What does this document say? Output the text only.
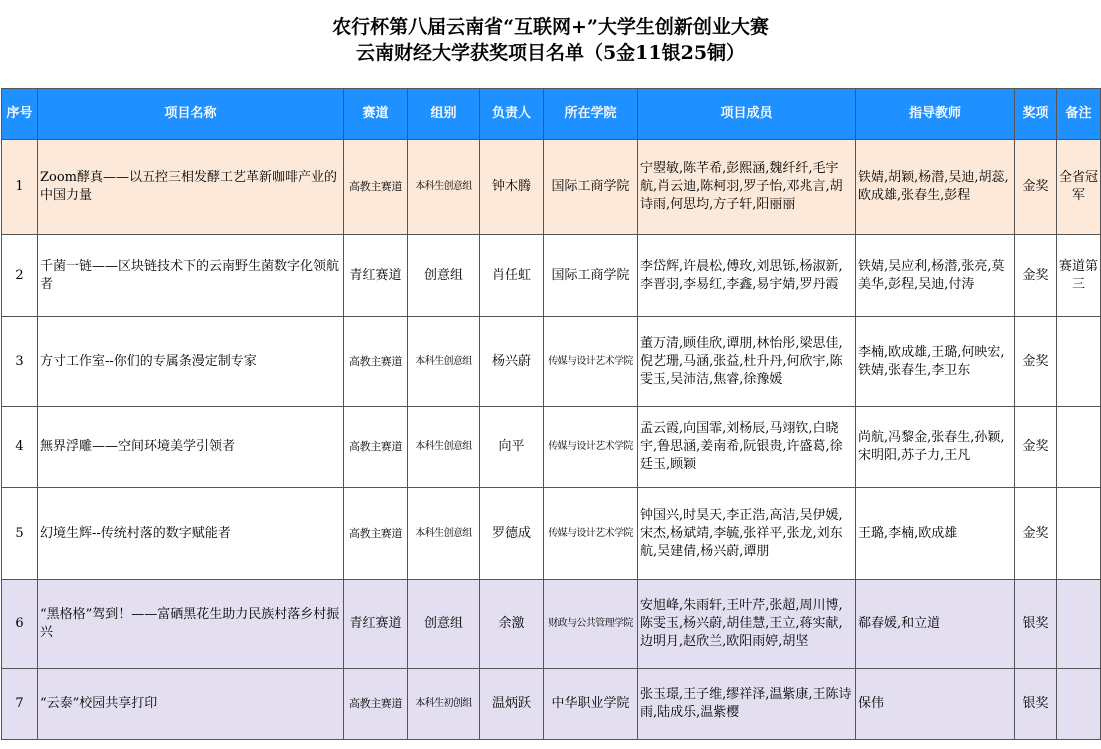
农行杯第八届云南省“互联网+”大学生创新创业大赛
云南财经大学获奖项目名单（5金11银25铜）
序号	项目名称	赛道	组别	负责人	所在学院	项目成员	指导教师	奖项	备注
1	Zoom酵真——以五控三相发酵工艺革新咖啡产业的中国力量	高教主赛道	本科生创意组	钟木腾	国际工商学院	宁曌敏,陈芊希,彭熙涵,魏纤纤,毛宇航,肖云迪,陈柯羽,罗子怡,邓兆言,胡诗雨,何思均,方子轩,阳丽丽	铁婧,胡颖,杨潜,吴迪,胡蕊,欧成雄,张春生,彭程	金奖	全省冠军
2	千菌一链——区块链技术下的云南野生菌数字化领航者	青红赛道	创意组	肖任虹	国际工商学院	李岱辉,许晨松,傅玫,刘思铄,杨淑新,李晋羽,李易红,李鑫,易宇婧,罗丹霞	铁婧,吴应利,杨潜,张亮,莫美华,彭程,吴迪,付涛	金奖	赛道第三
3	方寸工作室--你们的专属条漫定制专家	高教主赛道	本科生创意组	杨兴蔚	传媒与设计艺术学院	董万清,顾佳欣,谭朋,林怡彤,梁思佳,倪艺珊,马涵,张益,杜升丹,何欣宇,陈雯玉,吴沛洁,焦睿,徐豫媛	李楠,欧成雄,王璐,何映宏,铁婧,张春生,李卫东	金奖	
4	無界浮雕——空间环境美学引领者	高教主赛道	本科生创意组	向平	传媒与设计艺术学院	孟云霞,向国霏,刘杨辰,马翊钦,白晓宇,鲁思涵,姜南希,阮银贵,许盛葛,徐廷玉,顾颖	尚航,冯黎金,张春生,孙颖,宋明阳,苏子力,王凡	金奖	
5	幻境生辉--传统村落的数字赋能者	高教主赛道	本科生创意组	罗德成	传媒与设计艺术学院	钟国兴,时昊天,李正浩,高洁,吴伊媛,宋杰,杨斌靖,李毓,张祥平,张龙,刘东航,吴建倩,杨兴蔚,谭朋	王璐,李楠,欧成雄	金奖	
6	“黑格格”驾到！——富硒黑花生助力民族村落乡村振兴	青红赛道	创意组	余激	财政与公共管理学院	安旭峰,朱雨轩,王叶芹,张超,周川博,陈雯玉,杨兴蔚,胡佳慧,王立,蒋实献,边明月,赵欣兰,欧阳雨婷,胡坚	郗春媛,和立道	银奖	
7	“云泰”校园共享打印	高教主赛道	本科生初创组	温炳跃	中华职业学院	张玉璟,王子维,缪祥泽,温紫康,王陈诗雨,陆成乐,温紫樱	保伟	银奖	
